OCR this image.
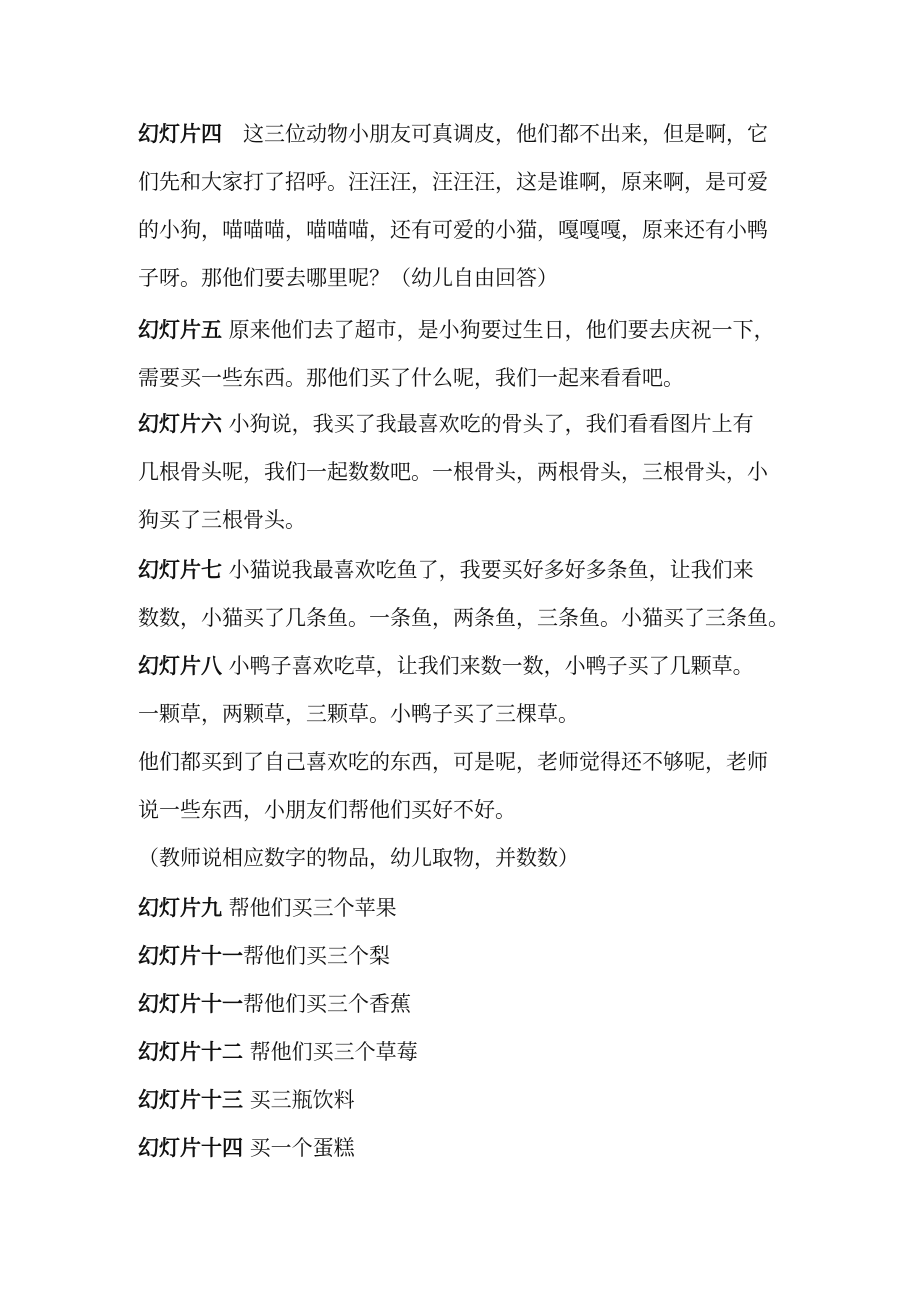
幻灯片四　这三位动物小朋友可真调皮，他们都不出来，但是啊，它
们先和大家打了招呼。汪汪汪，汪汪汪，这是谁啊，原来啊，是可爱
的小狗，喵喵喵，喵喵喵，还有可爱的小猫，嘎嘎嘎，原来还有小鸭
子呀。那他们要去哪里呢？（幼儿自由回答）
幻灯片五 原来他们去了超市，是小狗要过生日，他们要去庆祝一下，
需要买一些东西。那他们买了什么呢，我们一起来看看吧。
幻灯片六 小狗说，我买了我最喜欢吃的骨头了，我们看看图片上有
几根骨头呢，我们一起数数吧。一根骨头，两根骨头，三根骨头，小
狗买了三根骨头。
幻灯片七 小猫说我最喜欢吃鱼了，我要买好多好多条鱼，让我们来
数数，小猫买了几条鱼。一条鱼，两条鱼，三条鱼。小猫买了三条鱼。
幻灯片八 小鸭子喜欢吃草，让我们来数一数，小鸭子买了几颗草。
一颗草，两颗草，三颗草。小鸭子买了三棵草。
他们都买到了自己喜欢吃的东西，可是呢，老师觉得还不够呢，老师
说一些东西，小朋友们帮他们买好不好。
（教师说相应数字的物品，幼儿取物，并数数）
幻灯片九 帮他们买三个苹果
幻灯片十一帮他们买三个梨
幻灯片十一帮他们买三个香蕉
幻灯片十二 帮他们买三个草莓
幻灯片十三 买三瓶饮料
幻灯片十四 买一个蛋糕
